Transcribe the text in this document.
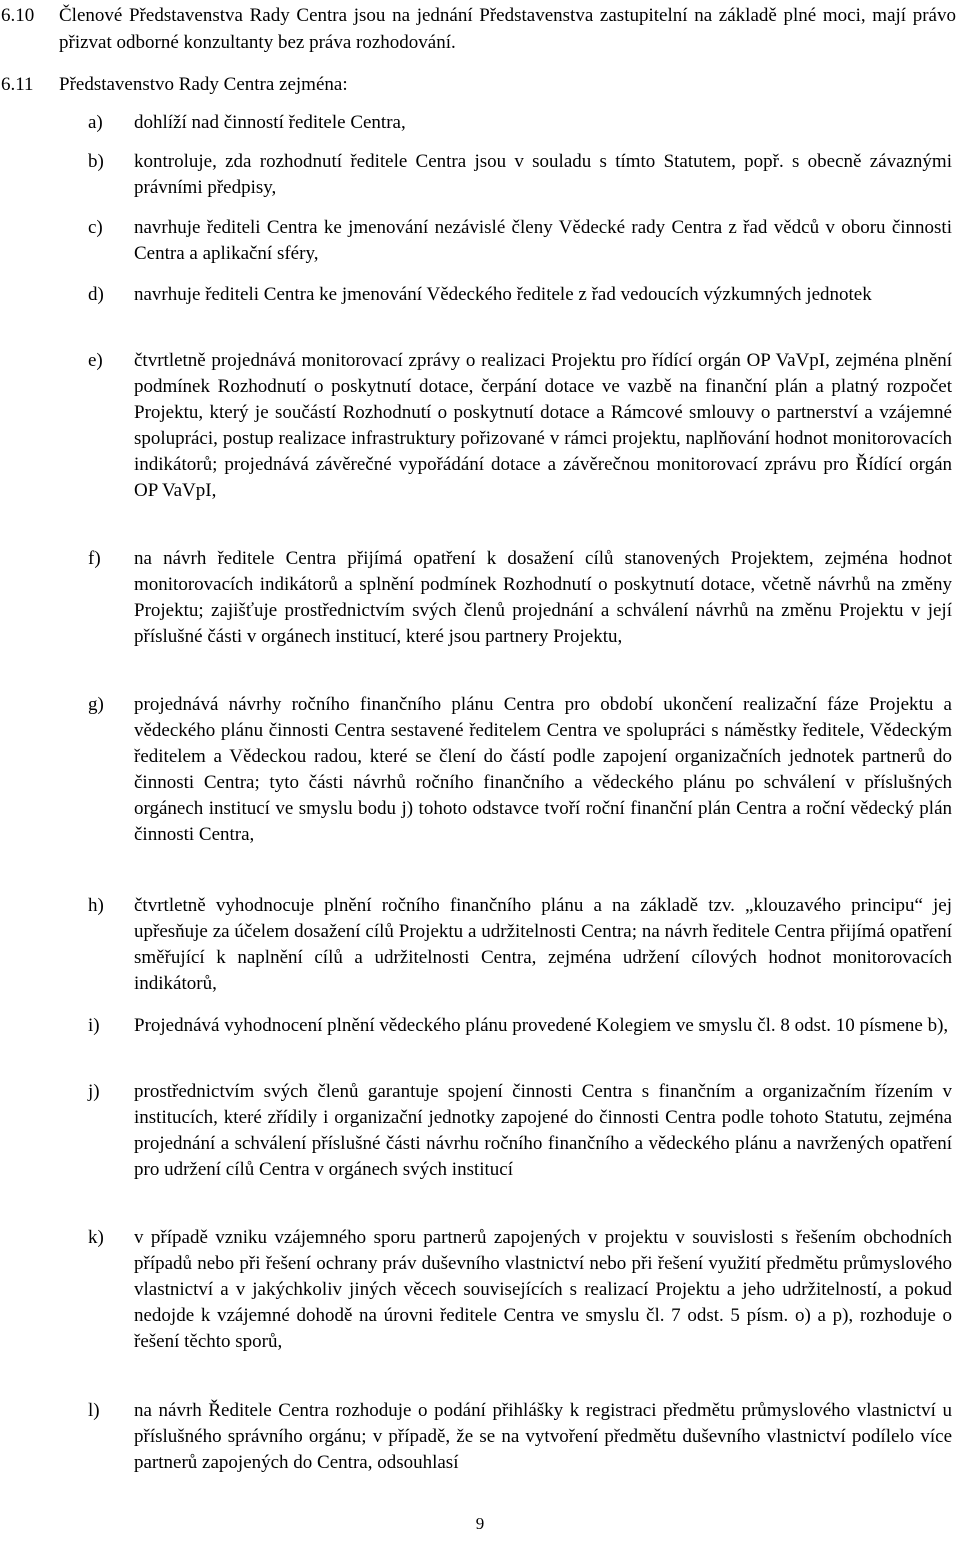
6.10	Členové Představenstva Rady Centra jsou na jednání Představenstva zastupitelní na základě plné moci, mají právo přizvat odborné konzultanty bez práva rozhodování.
6.11	Představenstvo Rady Centra zejména:
a)	dohlíží nad činností ředitele Centra,
b)	kontroluje, zda rozhodnutí ředitele Centra jsou v souladu s tímto Statutem, popř. s obecně závaznými právními předpisy,
c)	navrhuje řediteli Centra ke jmenování nezávislé členy Vědecké rady Centra z řad vědců v oboru činnosti Centra a aplikační sféry,
d)	navrhuje řediteli Centra ke jmenování Vědeckého ředitele z řad vedoucích výzkumných jednotek
e)	čtvrtletně projednává monitorovací zprávy o realizaci Projektu pro řídící orgán OP VaVpI, zejména plnění podmínek Rozhodnutí o poskytnutí dotace, čerpání dotace ve vazbě na finanční plán a platný rozpočet Projektu, který je součástí Rozhodnutí o poskytnutí dotace a Rámcové smlouvy o partnerství a vzájemné spolupráci, postup realizace infrastruktury pořizované v rámci projektu, naplňování hodnot monitorovacích indikátorů; projednává závěrečné vypořádání dotace a závěrečnou monitorovací zprávu pro Řídící orgán OP VaVpI,
f)	na návrh ředitele Centra přijímá opatření k dosažení cílů stanovených Projektem, zejména hodnot monitorovacích indikátorů a splnění podmínek Rozhodnutí o poskytnutí dotace, včetně návrhů na změny Projektu; zajišťuje prostřednictvím svých členů projednání a schválení návrhů na změnu Projektu v její příslušné části v orgánech institucí, které jsou partnery Projektu,
g)	projednává návrhy ročního finančního plánu Centra pro období ukončení realizační fáze Projektu a vědeckého plánu činnosti Centra sestavené ředitelem Centra ve spolupráci s náměstky ředitele, Vědeckým ředitelem a Vědeckou radou, které se člení do částí podle zapojení organizačních jednotek partnerů do činnosti Centra; tyto části návrhů ročního finančního a vědeckého plánu po schválení v příslušných orgánech institucí ve smyslu bodu j) tohoto odstavce tvoří roční finanční plán Centra a roční vědecký plán činnosti Centra,
h)	čtvrtletně vyhodnocuje plnění ročního finančního plánu a na základě tzv. „klouzavého principu“ jej upřesňuje za účelem dosažení cílů Projektu a udržitelnosti Centra; na návrh ředitele Centra přijímá opatření směřující k naplnění cílů a udržitelnosti Centra, zejména udržení cílových hodnot monitorovacích indikátorů,
i)	Projednává vyhodnocení plnění vědeckého plánu provedené Kolegiem ve smyslu čl. 8 odst. 10 písmene b),
j)	prostřednictvím svých členů garantuje spojení činnosti Centra s finančním a organizačním řízením v institucích, které zřídily i organizační jednotky zapojené do činnosti Centra podle tohoto Statutu, zejména projednání a schválení příslušné části návrhu ročního finančního a vědeckého plánu a navržených opatření pro udržení cílů Centra v orgánech svých institucí
k)	v případě vzniku vzájemného sporu partnerů zapojených v projektu v souvislosti s řešením obchodních případů nebo při řešení ochrany práv duševního vlastnictví nebo při řešení využití předmětu průmyslového vlastnictví a v jakýchkoliv jiných věcech souvisejících s realizací Projektu a jeho udržitelností, a pokud nedojde k vzájemné dohodě na úrovni ředitele Centra ve smyslu čl. 7 odst. 5 písm. o) a p), rozhoduje o řešení těchto sporů,
l)	na návrh Ředitele Centra rozhoduje o podání přihlášky k registraci předmětu průmyslového vlastnictví u příslušného správního orgánu; v případě, že se na vytvoření předmětu duševního vlastnictví podílelo více partnerů zapojených do Centra, odsouhlasí
9
